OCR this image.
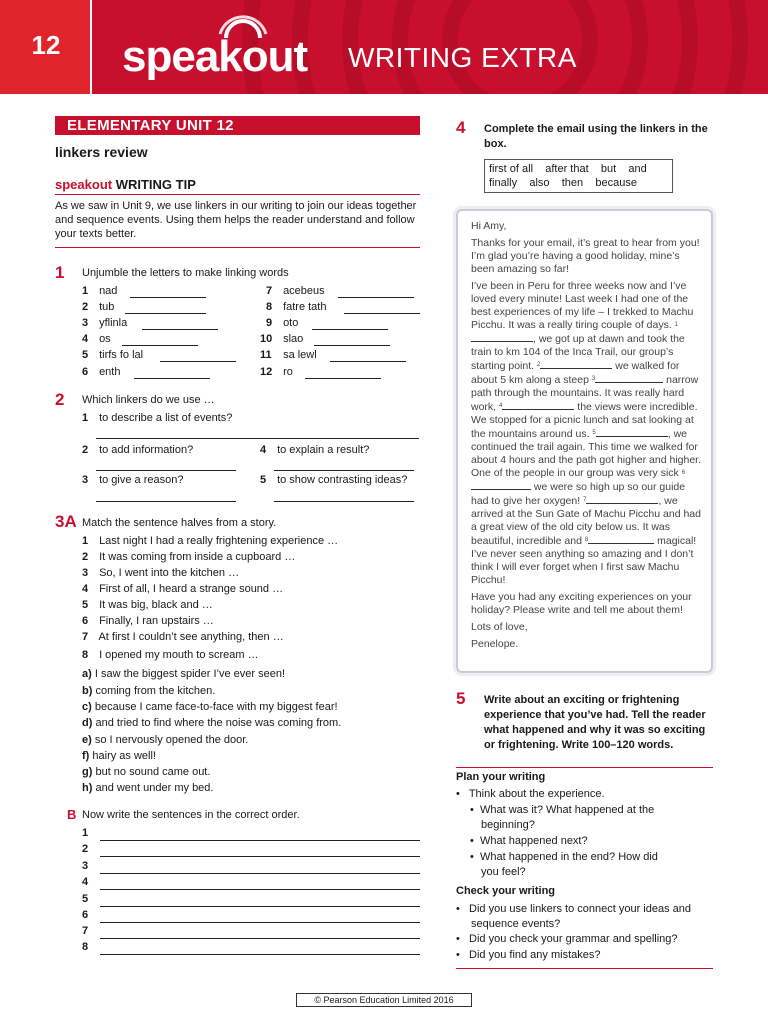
12	speakout WRITING EXTRA
ELEMENTARY UNIT 12
linkers review
speakout WRITING TIP
As we saw in Unit 9, we use linkers in our writing to join our ideas together and sequence events. Using them helps the reader understand and follow your texts better.
1 Unjumble the letters to make linking words
1 nad
2 tub
3 yflinla
4 os
5 tirfs fo lal
6 enth
7 acebeus
8 fatre tath
9 oto
10 slao
11 sa lewl
12 ro
2 Which linkers do we use …
1 to describe a list of events?
2 to add information?	4 to explain a result?
3 to give a reason?	5 to show contrasting ideas?
3A Match the sentence halves from a story.
1 Last night I had a really frightening experience …
2 It was coming from inside a cupboard …
3 So, I went into the kitchen …
4 First of all, I heard a strange sound …
5 It was big, black and …
6 Finally, I ran upstairs …
7 At first I couldn’t see anything, then …
8 I opened my mouth to scream …
a) I saw the biggest spider I’ve ever seen!
b) coming from the kitchen.
c) because I came face-to-face with my biggest fear!
d) and tried to find where the noise was coming from.
e) so I nervously opened the door.
f) hairy as well!
g) but no sound came out.
h) and went under my bed.
B Now write the sentences in the correct order.
1
2
3
4
5
6
7
8
4 Complete the email using the linkers in the box.
first of all    after that    but    and
finally    also    then    because

Hi Amy,

Thanks for your email, it’s great to hear from you! I’m glad you’re having a good holiday, mine’s been amazing so far!

I’ve been in Peru for three weeks now and I’ve loved every minute! Last week I had one of the best experiences of my life – I trekked to Machu Picchu. It was a really tiring couple of days. $^1$, we got up at dawn and took the train to km 104 of the Inca Trail, our group’s starting point. $^2$	we walked for about 5 km along a steep $^3$	narrow path through the mountains. It was really hard work, $^4$	the views were incredible. We stopped for a picnic lunch and sat looking at the mountains around us. $^5$	, we continued the trail again. This time we walked for about 4 hours and the path got higher and higher. One of the people in our group was very sick $^6$ we were so high up so our guide had to give her oxygen! $^7$	, we arrived at the Sun Gate of Machu Picchu and had a great view of the old city below us. It was beautiful, incredible and $^8$	magical! I’ve never seen anything so amazing and I don’t think I will ever forget when I first saw Machu Picchu!

Have you had any exciting experiences on your holiday? Please write and tell me about them!

Lots of love,

Penelope.

5 Write about an exciting or frightening experience that you’ve had. Tell the reader what happened and why it was so exciting or frightening. Write 100–120 words.
Plan your writing
•   Think about the experience.
•  What was it? What happened at the
beginning?
•  What happened next?
•  What happened in the end? How did
you feel?
Check your writing
•   Did you use linkers to connect your ideas and
sequence events?
•   Did you check your grammar and spelling?
•   Did you find any mistakes?
© Pearson Education Limited 2016
